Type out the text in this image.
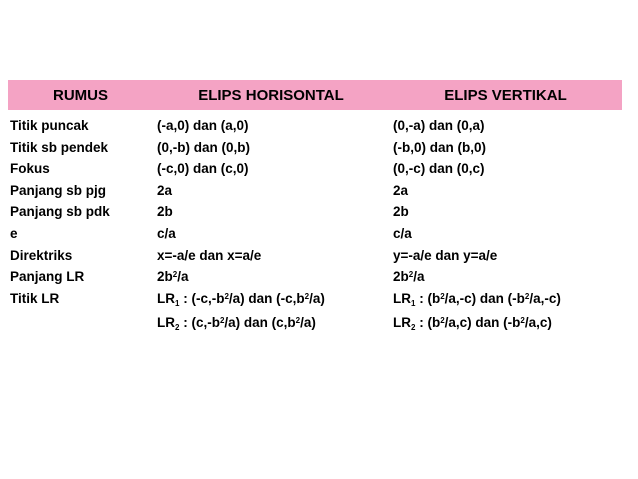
RUMUS	ELIPS HORISONTAL	ELIPS VERTIKAL
Titik puncak
Titik sb pendek
Fokus
Panjang sb pjg
Panjang sb pdk
e
Direktriks
Panjang LR
Titik LR
(-a,0) dan (a,0)
(0,-b) dan (0,b)
(-c,0) dan (c,0)
2a
2b
c/a
x=-a/e dan x=a/e
$2b^2/a$
$LR_1$ : $(-c,-b^2/a)$ dan $(-c,b^2/a)$
$LR_2$ : $(c,-b^2/a)$ dan $(c,b^2/a)$
(0,-a) dan (0,a)
(-b,0) dan (b,0)
(0,-c) dan (0,c)
2a
2b
c/a
y=-a/e dan y=a/e
$2b^2/a$
$LR_1$ : $(b^2/a,-c)$ dan $(-b^2/a,-c)$
$LR_2$ : $(b^2/a,c)$ dan $(-b^2/a,c)$
